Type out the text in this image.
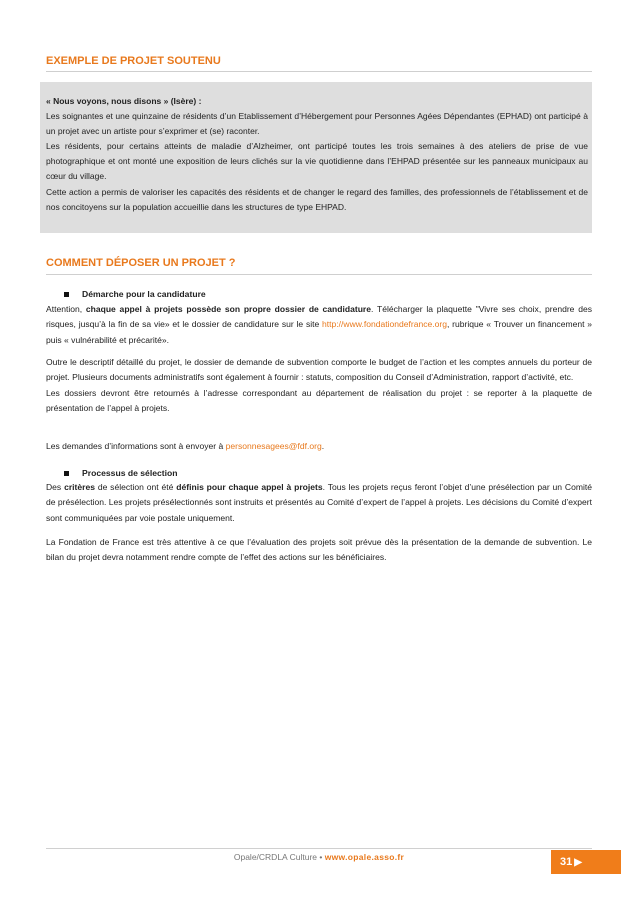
EXEMPLE DE PROJET SOUTENU

« Nous voyons, nous disons » (Isère) :

Les soignantes et une quinzaine de résidents d’un Etablissement d’Hébergement pour Personnes Agées Dépendantes (EPHAD) ont participé à un projet avec un artiste pour s’exprimer et (se) raconter.

Les résidents, pour certains atteints de maladie d’Alzheimer, ont participé toutes les trois semaines à des ateliers de prise de vue photographique et ont monté une exposition de leurs clichés sur la vie quotidienne dans l’EHPAD présentée sur les panneaux municipaux au cœur du village.

Cette action a permis de valoriser les capacités des résidents et de changer le regard des familles, des professionnels de l’établissement et de nos concitoyens sur la population accueillie dans les structures de type EHPAD.

COMMENT DÉPOSER UN PROJET ?
Démarche pour la candidature

Attention, chaque appel à projets possède son propre dossier de candidature. Télécharger la plaquette "Vivre ses choix, prendre des risques, jusqu’à la fin de sa vie» et le dossier de candidature sur le site http://www.fondationdefrance.org, rubrique « Trouver un financement » puis « vulnérabilité et précarité».

Outre le descriptif détaillé du projet, le dossier de demande de subvention comporte le budget de l’action et les comptes annuels du porteur de projet. Plusieurs documents administratifs sont également à fournir : statuts, composition du Conseil d’Administration, rapport d’activité, etc.

Les dossiers devront être retournés à l’adresse correspondant au département de réalisation du projet : se reporter à la plaquette de présentation de l’appel à projets.

Les demandes d’informations sont à envoyer à personnesagees@fdf.org.

Processus de sélection

Des critères de sélection ont été définis pour chaque appel à projets. Tous les projets reçus feront l’objet d’une présélection par un Comité de présélection. Les projets présélectionnés sont instruits et présentés au Comité d’expert de l’appel à projets. Les décisions du Comité d’expert sont communiquées par voie postale uniquement.

La Fondation de France est très attentive à ce que l’évaluation des projets soit prévue dès la présentation de la demande de subvention. Le bilan du projet devra notamment rendre compte de l’effet des actions sur les bénéficiaires.

Opale/CRDLA Culture • www.opale.asso.fr	31 ▶
